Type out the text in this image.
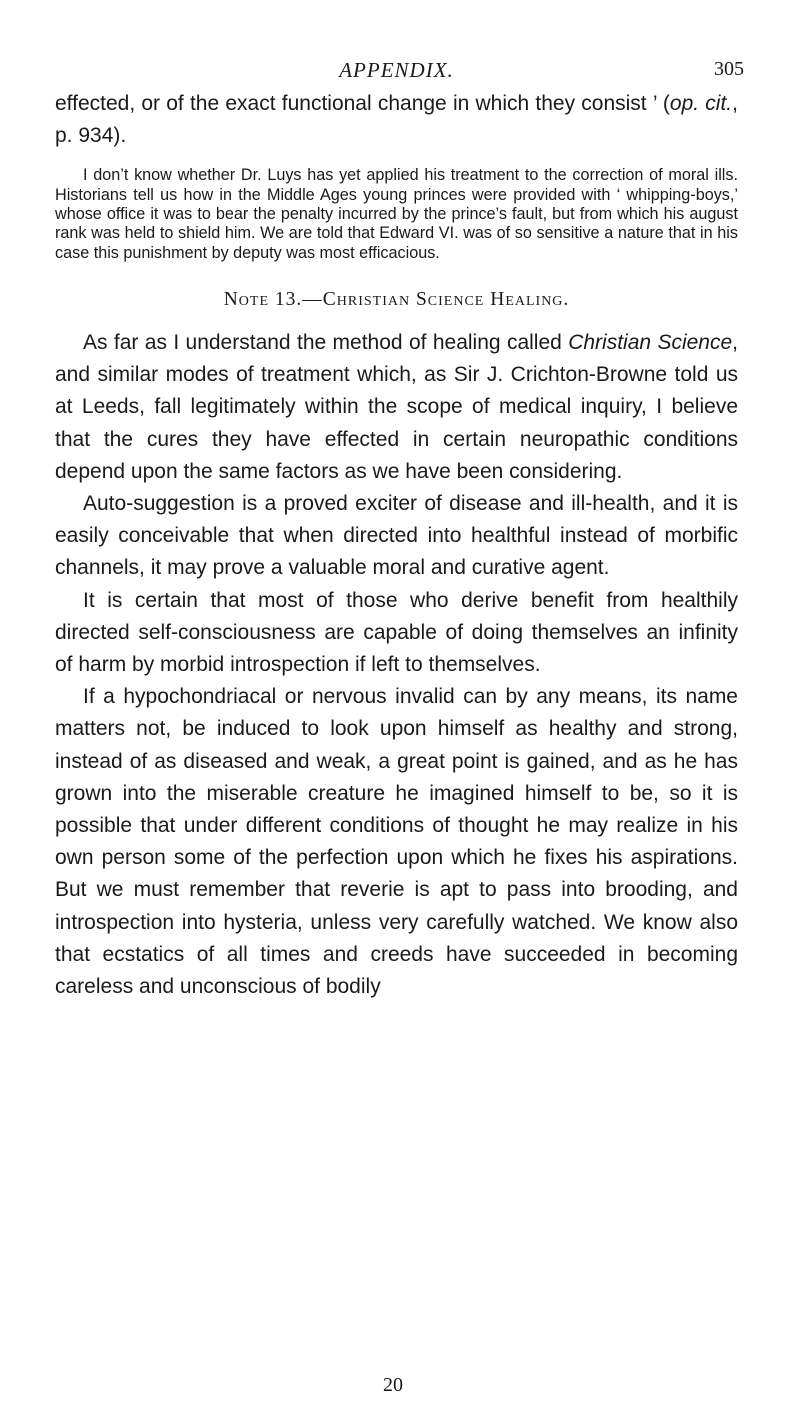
APPENDIX.	305

effected, or of the exact functional change in which they consist ’ (op. cit., p. 934).

I don’t know whether Dr. Luys has yet applied his treatment to the correction of moral ills. Historians tell us how in the Middle Ages young princes were provided with ‘ whipping-boys,’ whose office it was to bear the penalty incurred by the prince’s fault, but from which his august rank was held to shield him. We are told that Edward VI. was of so sensitive a nature that in his case this punishment by deputy was most efficacious.

Note 13.—Christian Science Healing.

As far as I understand the method of healing called Christian Science, and similar modes of treatment which, as Sir J. Crichton-Browne told us at Leeds, fall legitimately within the scope of medical inquiry, I believe that the cures they have effected in certain neuropathic conditions depend upon the same factors as we have been considering.

Auto-suggestion is a proved exciter of disease and ill-health, and it is easily conceivable that when directed into healthful instead of morbific channels, it may prove a valuable moral and curative agent.

It is certain that most of those who derive benefit from healthily directed self-consciousness are capable of doing themselves an infinity of harm by morbid introspection if left to themselves.

If a hypochondriacal or nervous invalid can by any means, its name matters not, be induced to look upon himself as healthy and strong, instead of as diseased and weak, a great point is gained, and as he has grown into the miserable creature he imagined himself to be, so it is possible that under different conditions of thought he may realize in his own person some of the perfection upon which he fixes his aspirations. But we must remember that reverie is apt to pass into brooding, and introspection into hysteria, unless very carefully watched. We know also that ecstatics of all times and creeds have succeeded in becoming careless and unconscious of bodily

20
